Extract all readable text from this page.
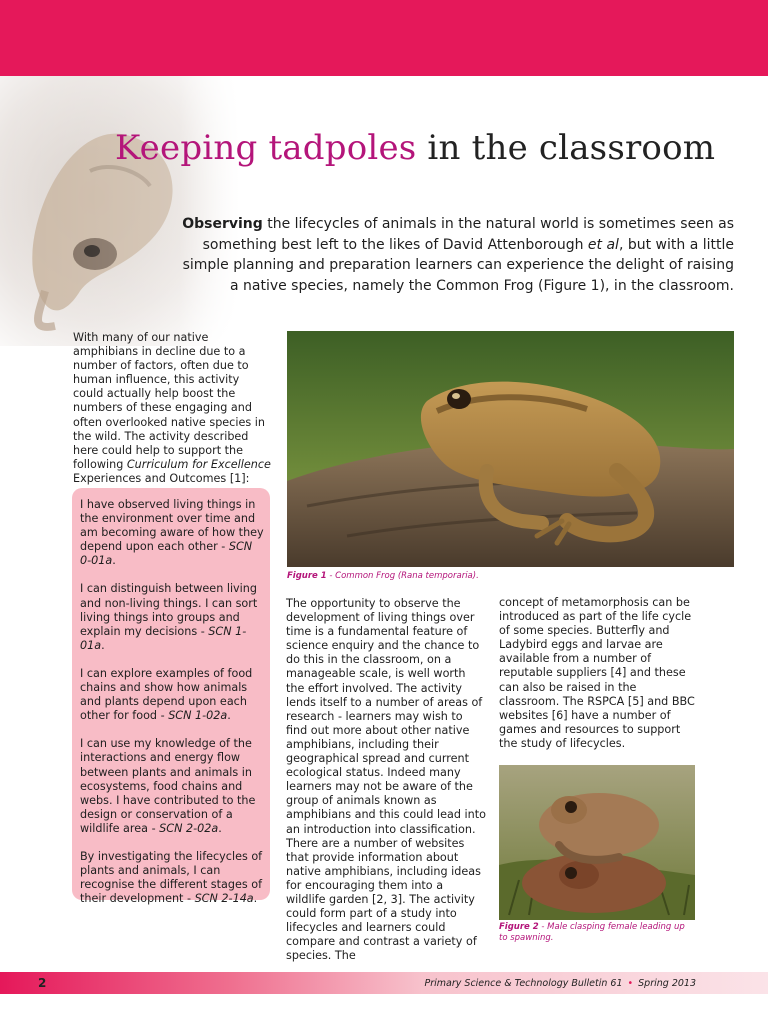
Keeping tadpoles in the classroom

Observing the lifecycles of animals in the natural world is sometimes seen as something best left to the likes of David Attenborough et al, but with a little simple planning and preparation learners can experience the delight of raising a native species, namely the Common Frog (Figure 1), in the classroom.

With many of our native amphibians in decline due to a number of factors, often due to human influence, this activity could actually help boost the numbers of these engaging and often overlooked native species in the wild. The activity described here could help to support the following Curriculum for Excellence Experiences and Outcomes [1]:

I have observed living things in the environment over time and am becoming aware of how they depend upon each other - SCN 0-01a.

I can distinguish between living and non-living things. I can sort living things into groups and explain my decisions - SCN 1-01a.

I can explore examples of food chains and show how animals and plants depend upon each other for food - SCN 1-02a.

I can use my knowledge of the interactions and energy flow between plants and animals in ecosystems, food chains and webs. I have contributed to the design or conservation of a wildlife area - SCN 2-02a.

By investigating the lifecycles of plants and animals, I can recognise the different stages of their development - SCN 2-14a.

Figure 1 - Common Frog (Rana temporaria).

The opportunity to observe the development of living things over time is a fundamental feature of science enquiry and the chance to do this in the classroom, on a manageable scale, is well worth the effort involved. The activity lends itself to a number of areas of research - learners may wish to find out more about other native amphibians, including their geographical spread and current ecological status. Indeed many learners may not be aware of the group of animals known as amphibians and this could lead into an introduction into classification. There are a number of websites that provide information about native amphibians, including ideas for encouraging them into a wildlife garden [2, 3]. The activity could form part of a study into lifecycles and learners could compare and contrast a variety of species. The

concept of metamorphosis can be introduced as part of the life cycle of some species. Butterfly and Ladybird eggs and larvae are available from a number of reputable suppliers [4] and these can also be raised in the classroom. The RSPCA [5] and BBC websites [6] have a number of games and resources to support the study of lifecycles.

Figure 2 - Male clasping female leading up to spawning.
2	Primary Science & Technology Bulletin 61 • Spring 2013
